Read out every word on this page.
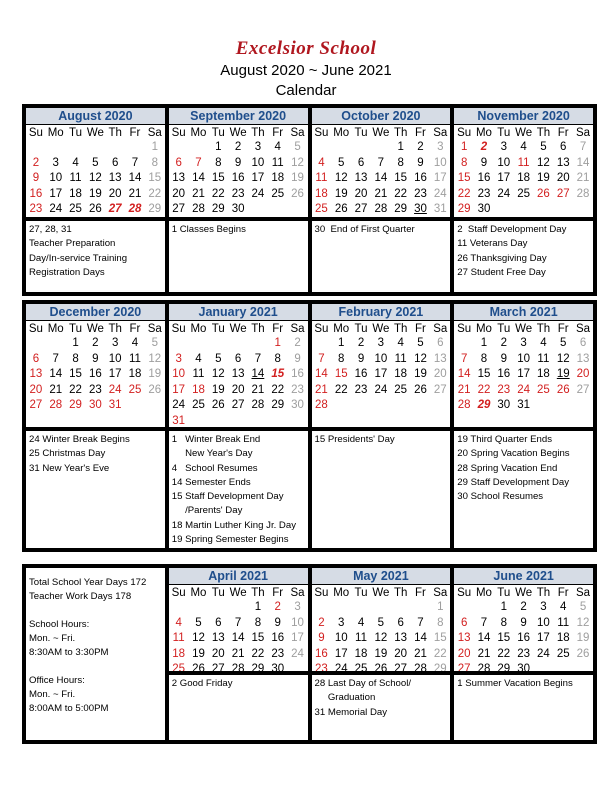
Excelsior School
August 2020 ~ June 2021
Calendar
August 2020
Su	Mo	Tu	We	Th	Fr	Sa
						1
2	3	4	5	6	7	8
9	10	11	12	13	14	15
16	17	18	19	20	21	22
23	24	25	26	27	28	29

September 2020
Su	Mo	Tu	We	Th	Fr	Sa
		1	2	3	4	5
6	7	8	9	10	11	12
13	14	15	16	17	18	19
20	21	22	23	24	25	26
27	28	29	30			
October 2020
Su	Mo	Tu	We	Th	Fr	Sa
				1	2	3
4	5	6	7	8	9	10
11	12	13	14	15	16	17
18	19	20	21	22	23	24
25	26	27	28	29	30	31
November 2020
Su	Mo	Tu	We	Th	Fr	Sa
1	2	3	4	5	6	7
8	9	10	11	12	13	14
15	16	17	18	19	20	21
22	23	24	25	26	27	28
29	30					
27, 28, 31
Teacher Preparation
Day/In-service Training
Registration Days
1 Classes Begins	30  End of First Quarter	2  Staff Development Day
11 Veterans Day
26 Thanksgiving Day
27 Student Free Day
December 2020
Su	Mo	Tu	We	Th	Fr	Sa
		1	2	3	4	5
6	7	8	9	10	11	12
13	14	15	16	17	18	19
20	21	22	23	24	25	26
27	28	29	30	31		
January 2021
Su	Mo	Tu	We	Th	Fr	Sa
					1	2
3	4	5	6	7	8	9
10	11	12	13	14	15	16
17	18	19	20	21	22	23
24	25	26	27	28	29	30
31						
February 2021
Su	Mo	Tu	We	Th	Fr	Sa
	1	2	3	4	5	6
7	8	9	10	11	12	13
14	15	16	17	18	19	20
21	22	23	24	25	26	27
28						
March 2021
Su	Mo	Tu	We	Th	Fr	Sa
	1	2	3	4	5	6
7	8	9	10	11	12	13
14	15	16	17	18	19	20
21	22	23	24	25	26	27
28	29	30	31			
24 Winter Break Begins
25 Christmas Day
31 New Year's Eve
1   Winter Break End
New Year's Day
4   School Resumes
14 Semester Ends
15 Staff Development Day
/Parents' Day
18 Martin Luther King Jr. Day
19 Spring Semester Begins
15 Presidents' Day	19 Third Quarter Ends
20 Spring Vacation Begins
28 Spring Vacation End
29 Staff Development Day
30 School Resumes
April 2021
Su	Mo	Tu	We	Th	Fr	Sa
				1	2	3
4	5	6	7	8	9	10
11	12	13	14	15	16	17
18	19	20	21	22	23	24
25	26	27	28	29	30	
May 2021
Su	Mo	Tu	We	Th	Fr	Sa
						1
2	3	4	5	6	7	8
9	10	11	12	13	14	15
16	17	18	19	20	21	22
23	24	25	26	27	28	29

June 2021
Su	Mo	Tu	We	Th	Fr	Sa
		1	2	3	4	5
6	7	8	9	10	11	12
13	14	15	16	17	18	19
20	21	22	23	24	25	26
27	28	29	30			
Total School Year Days 172
Teacher Work Days 178

School Hours:
Mon. ~ Fri.
8:30AM to 3:30PM

Office Hours:
Mon. ~ Fri.
8:00AM to 5:00PM
2 Good Friday	28 Last Day of School/
Graduation
31 Memorial Day
1 Summer Vacation Begins
